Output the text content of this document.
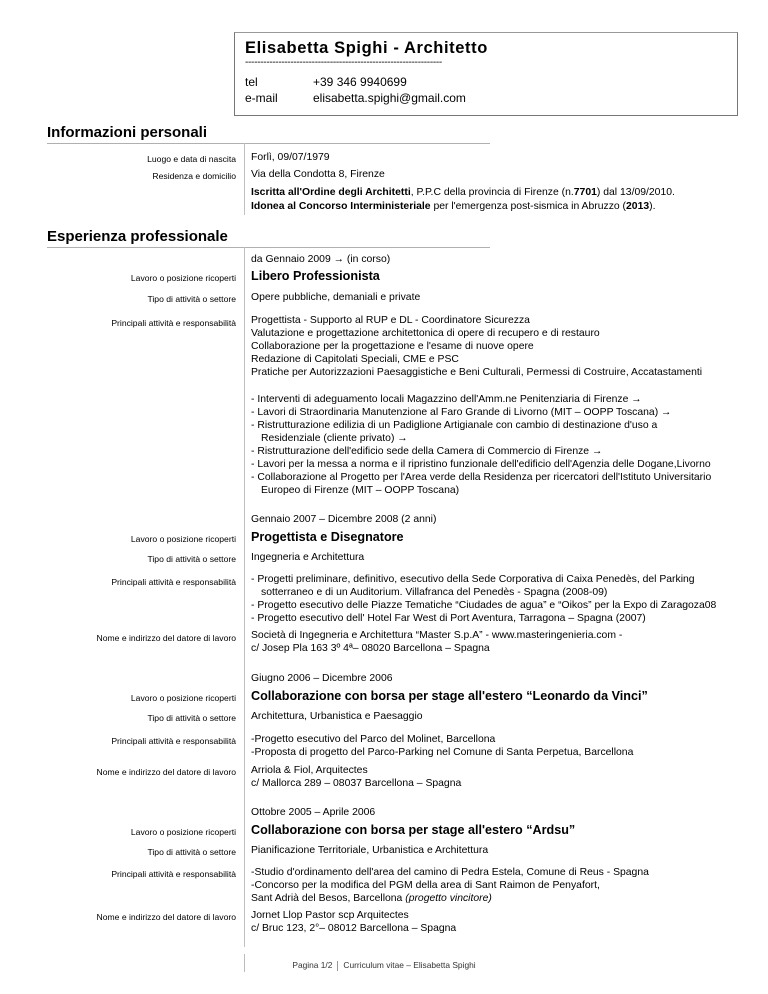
Elisabetta Spighi - Architetto
-----------------------------------------------------------------
tel	+39 346 9940699
e-mail	elisabetta.spighi@gmail.com
Informazioni personali
Luogo e data di nascita Forlì, 09/07/1979
Residenza e domicilio Via della Condotta 8, Firenze
Iscritta all'Ordine degli Architetti, P.P.C della provincia di Firenze (n.7701) dal 13/09/2010.
Idonea al Concorso Interministeriale per l'emergenza post-sismica in Abruzzo (2013).
Esperienza professionale
da Gennaio 2009 → (in corso)
Lavoro o posizione ricoperti Libero Professionista
Tipo di attività o settore Opere pubbliche, demaniali e private
Principali attività e responsabilità Progettista - Supporto al RUP e DL - Coordinatore Sicurezza
Valutazione e progettazione architettonica di opere di recupero e di restauro
Collaborazione per la progettazione e l'esame di nuove opere
Redazione di Capitolati Speciali, CME e PSC
Pratiche per Autorizzazioni Paesaggistiche e Beni Culturali, Permessi di Costruire, Accatastamenti
- Interventi di adeguamento locali Magazzino dell'Amm.ne Penitenziaria di Firenze →
- Lavori di Straordinaria Manutenzione al Faro Grande di Livorno (MIT – OOPP Toscana) →
- Ristrutturazione edilizia di un Padiglione Artigianale con cambio di destinazione d'uso a
Residenziale (cliente privato) →
- Ristrutturazione dell'edificio sede della Camera di Commercio di Firenze →
- Lavori per la messa a norma e il ripristino funzionale dell'edificio dell'Agenzia delle Dogane,Livorno
- Collaborazione al Progetto per l'Area verde della Residenza per ricercatori dell'Istituto Universitario
Europeo di Firenze (MIT – OOPP Toscana)
Gennaio 2007 – Dicembre 2008 (2 anni)
Lavoro o posizione ricoperti Progettista e Disegnatore
Tipo di attività o settore Ingegneria e Architettura
Principali attività e responsabilità - Progetti preliminare, definitivo, esecutivo della Sede Corporativa di Caixa Penedès, del Parking
sotterraneo e di un Auditorium. Villafranca del Penedès - Spagna (2008-09)
- Progetto esecutivo delle Piazze Tematiche “Ciudades de agua” e “Oikos” per la Expo di Zaragoza08
- Progetto esecutivo dell' Hotel Far West di Port Aventura, Tarragona – Spagna (2007)
Nome e indirizzo del datore di lavoro Società di Ingegneria e Architettura “Master S.p.A” - www.masteringenieria.com -
c/ Josep Pla 163 3º 4ª– 08020 Barcellona – Spagna
Giugno 2006 – Dicembre 2006
Lavoro o posizione ricoperti Collaborazione con borsa per stage all'estero “Leonardo da Vinci”
Tipo di attività o settore Architettura, Urbanistica e Paesaggio
Principali attività e responsabilità -Progetto esecutivo del Parco del Molinet, Barcellona
-Proposta di progetto del Parco-Parking nel Comune di Santa Perpetua, Barcellona
Nome e indirizzo del datore di lavoro Arriola & Fiol, Arquitectes
c/ Mallorca 289 – 08037 Barcellona – Spagna
Ottobre 2005 – Aprile 2006
Lavoro o posizione ricoperti Collaborazione con borsa per stage all'estero “Ardsu”
Tipo di attività o settore Pianificazione Territoriale, Urbanistica e Architettura
Principali attività e responsabilità -Studio d'ordinamento dell'area del camino di Pedra Estela, Comune di Reus - Spagna
-Concorso per la modifica del PGM della area di Sant Raimon de Penyafort,
Sant Adrià del Besos, Barcellona (progetto vincitore)
Nome e indirizzo del datore di lavoro Jornet Llop Pastor scp Arquitectes
c/ Bruc 123, 2°– 08012 Barcellona – Spagna
Pagina 1/2 Curriculum vitae – Elisabetta Spighi
